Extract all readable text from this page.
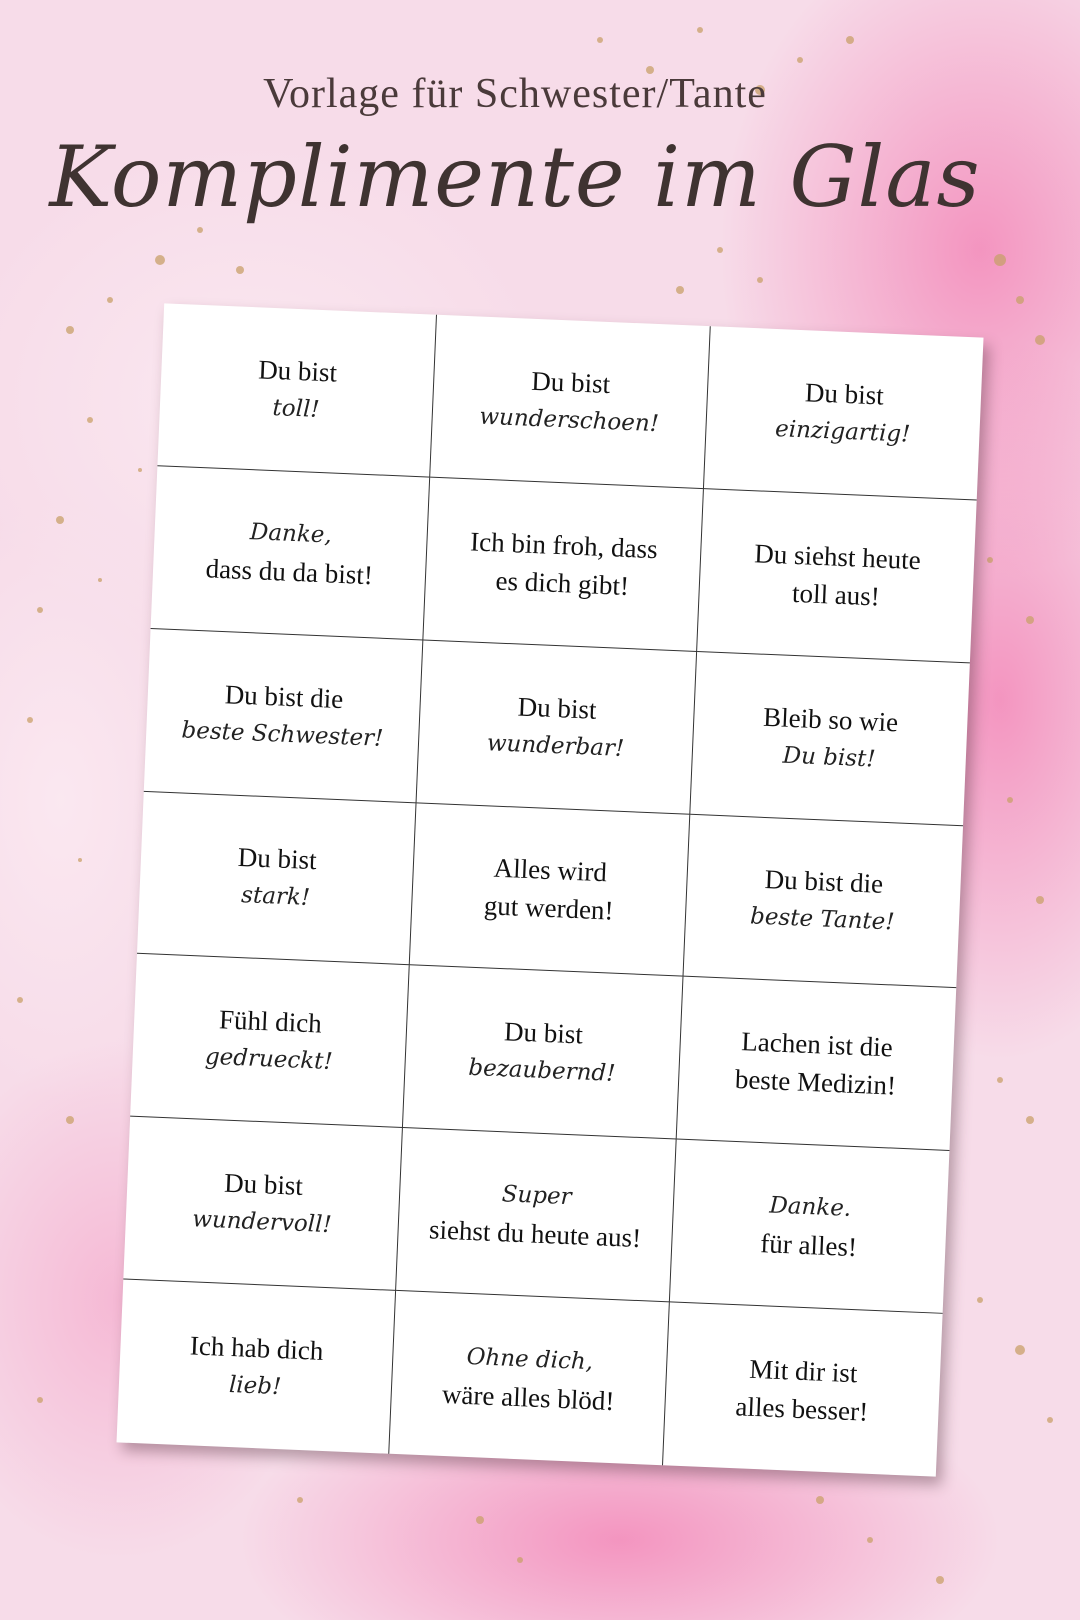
Vorlage für Schwester/Tante
Komplimente im Glas
Du bist
toll!
Du bist
wunderschoen!
Du bist
einzigartig!
Danke,
dass du da bist!
Ich bin froh, dass
es dich gibt!
Du siehst heute
toll aus!
Du bist die
beste Schwester!
Du bist
wunderbar!
Bleib so wie
Du bist!
Du bist
stark!
Alles wird
gut werden!
Du bist die
beste Tante!
Fühl dich
gedrueckt!
Du bist
bezaubernd!
Lachen ist die
beste Medizin!
Du bist
wundervoll!
Super
siehst du heute aus!
Danke.
für alles!
Ich hab dich
lieb!
Ohne dich,
wäre alles blöd!
Mit dir ist
alles besser!
